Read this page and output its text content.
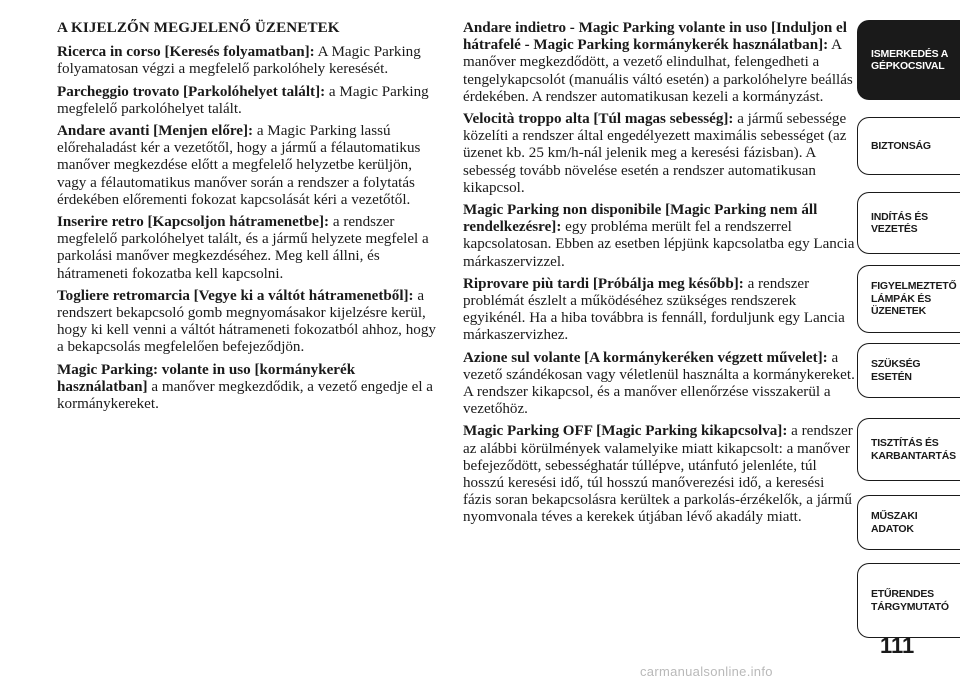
A KIJELZŐN MEGJELENŐ ÜZENETEK

Ricerca in corso [Keresés folyamatban]: A Magic Parking folyamatosan végzi a megfelelő parkolóhely keresését.

Parcheggio trovato [Parkolóhelyet talált]: a Magic Parking megfelelő parkolóhelyet talált.

Andare avanti [Menjen előre]: a Magic Parking lassú előrehaladást kér a vezetőtől, hogy a jármű a félautomatikus manőver megkezdése előtt a megfelelő helyzetbe kerüljön, vagy a félautomatikus manőver során a rendszer a folytatás érdekében előrementi fokozat kapcsolását kéri a vezetőtől.

Inserire retro [Kapcsoljon hátramenetbe]: a rendszer megfelelő parkolóhelyet talált, és a jármű helyzete megfelel a parkolási manőver megkezdéséhez. Meg kell állni, és hátrameneti fokozatba kell kapcsolni.

Togliere retromarcia [Vegye ki a váltót hátramenetből]: a rendszert bekapcsoló gomb megnyomásakor kijelzésre kerül, hogy ki kell venni a váltót hátrameneti fokozatból ahhoz, hogy a bekapcsolás megfelelően befejeződjön.

Magic Parking: volante in uso [kormánykerék használatban] a manőver megkezdődik, a vezető engedje el a kormánykereket.

Andare indietro - Magic Parking volante in uso [Induljon el hátrafelé - Magic Parking kormánykerék használatban]: A manőver megkezdődött, a vezető elindulhat, felengedheti a tengelykapcsolót (manuális váltó esetén) a parkolóhelyre beállás érdekében. A rendszer automatikusan kezeli a kormányzást.

Velocità troppo alta [Túl magas sebesség]: a jármű sebessége közelíti a rendszer által engedélyezett maximális sebességet (az üzenet kb. 25 km/h-nál jelenik meg a keresési fázisban). A sebesség tovább növelése esetén a rendszer automatikusan kikapcsol.

Magic Parking non disponibile [Magic Parking nem áll rendelkezésre]: egy probléma merült fel a rendszerrel kapcsolatosan. Ebben az esetben lépjünk kapcsolatba egy Lancia márkaszervizzel.

Riprovare più tardi [Próbálja meg később]: a rendszer problémát észlelt a működéséhez szükséges rendszerek egyikénél. Ha a hiba továbbra is fennáll, forduljunk egy Lancia márkaszervizhez.

Azione sul volante [A kormánykeréken végzett művelet]: a vezető szándékosan vagy véletlenül használta a kormánykereket. A rendszer kikapcsol, és a manőver ellenőrzése visszakerül a vezetőhöz.

Magic Parking OFF [Magic Parking kikapcsolva]: a rendszer az alábbi körülmények valamelyike miatt kikapcsolt: a manőver befejeződött, sebességhatár túllépve, utánfutó jelenléte, túl hosszú keresési idő, túl hosszú manőverezési idő, a keresési fázis soran bekapcsolásra kerültek a parkolás-érzékelők, a jármű nyomvonala téves a kerekek útjában lévő akadály miatt.

ISMERKEDÉS A GÉPKOCSIVAL
BIZTONSÁG
INDÍTÁS ÉS VEZETÉS
FIGYELMEZTETŐ LÁMPÁK ÉS ÜZENETEK
SZÜKSÉG ESETÉN
TISZTÍTÁS ÉS KARBANTARTÁS
MŰSZAKI ADATOK
ETŰRENDES TÁRGYMUTATÓ
111
carmanualsonline.info
